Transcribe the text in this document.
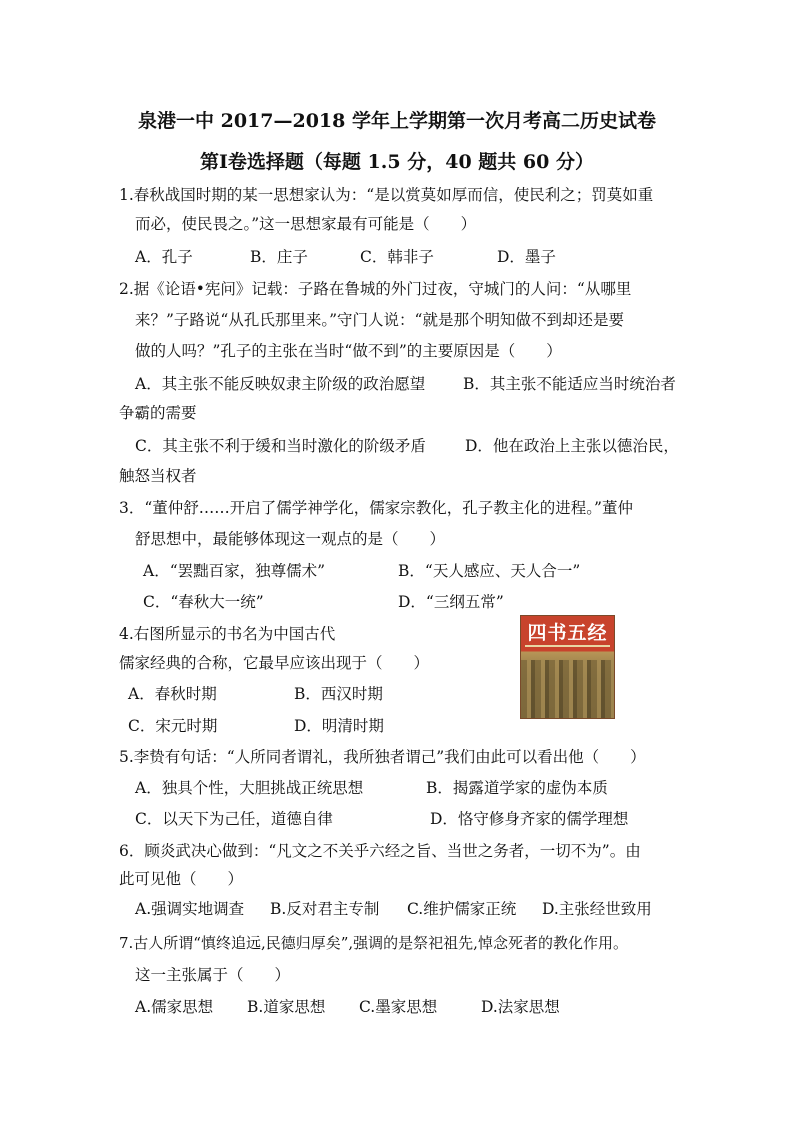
泉港一中 2017—2018 学年上学期第一次月考高二历史试卷
第Ⅰ卷选择题（每题 1.5 分，40 题共 60 分）
1.春秋战国时期的某一思想家认为：“是以赏莫如厚而信，使民利之；罚莫如重
而必，使民畏之。”这一思想家最有可能是（　　）
A．孔子	B．庄子	C．韩非子	D．墨子
2.据《论语•宪问》记载：子路在鲁城的外门过夜，守城门的人问：“从哪里
来？”子路说“从孔氏那里来。”守门人说：“就是那个明知做不到却还是要
做的人吗？”孔子的主张在当时“做不到”的主要原因是（　　）
A．其主张不能反映奴隶主阶级的政治愿望 B．其主张不能适应当时统治者
争霸的需要
C．其主张不利于缓和当时激化的阶级矛盾	D．他在政治上主张以德治民，
触怒当权者
3．“董仲舒……开启了儒学神学化，儒家宗教化，孔子教主化的进程。”董仲
舒思想中，最能够体现这一观点的是（　　）
A．“罢黜百家，独尊儒术”	B．“天人感应、天人合一”
C．“春秋大一统”	D．“三纲五常”
4.右图所显示的书名为中国古代
儒家经典的合称，它最早应该出现于（　　）
A．春秋时期	B．西汉时期
C．宋元时期	D．明清时期
四书五经
5.李贽有句话：“人所同者谓礼，我所独者谓己”我们由此可以看出他（　　）
A．独具个性，大胆挑战正统思想	B．揭露道学家的虚伪本质
C．以天下为己任，道德自律	D．恪守修身齐家的儒学理想
6．顾炎武决心做到：“凡文之不关乎六经之旨、当世之务者，一切不为”。由
此可见他（　　）
A.强调实地调查 B.反对君主专制 C.维护儒家正统 D.主张经世致用
7.古人所谓“慎终追远,民德归厚矣”,强调的是祭祀祖先,悼念死者的教化作用。
这一主张属于（　　）
A.儒家思想 B.道家思想 C.墨家思想	D.法家思想
